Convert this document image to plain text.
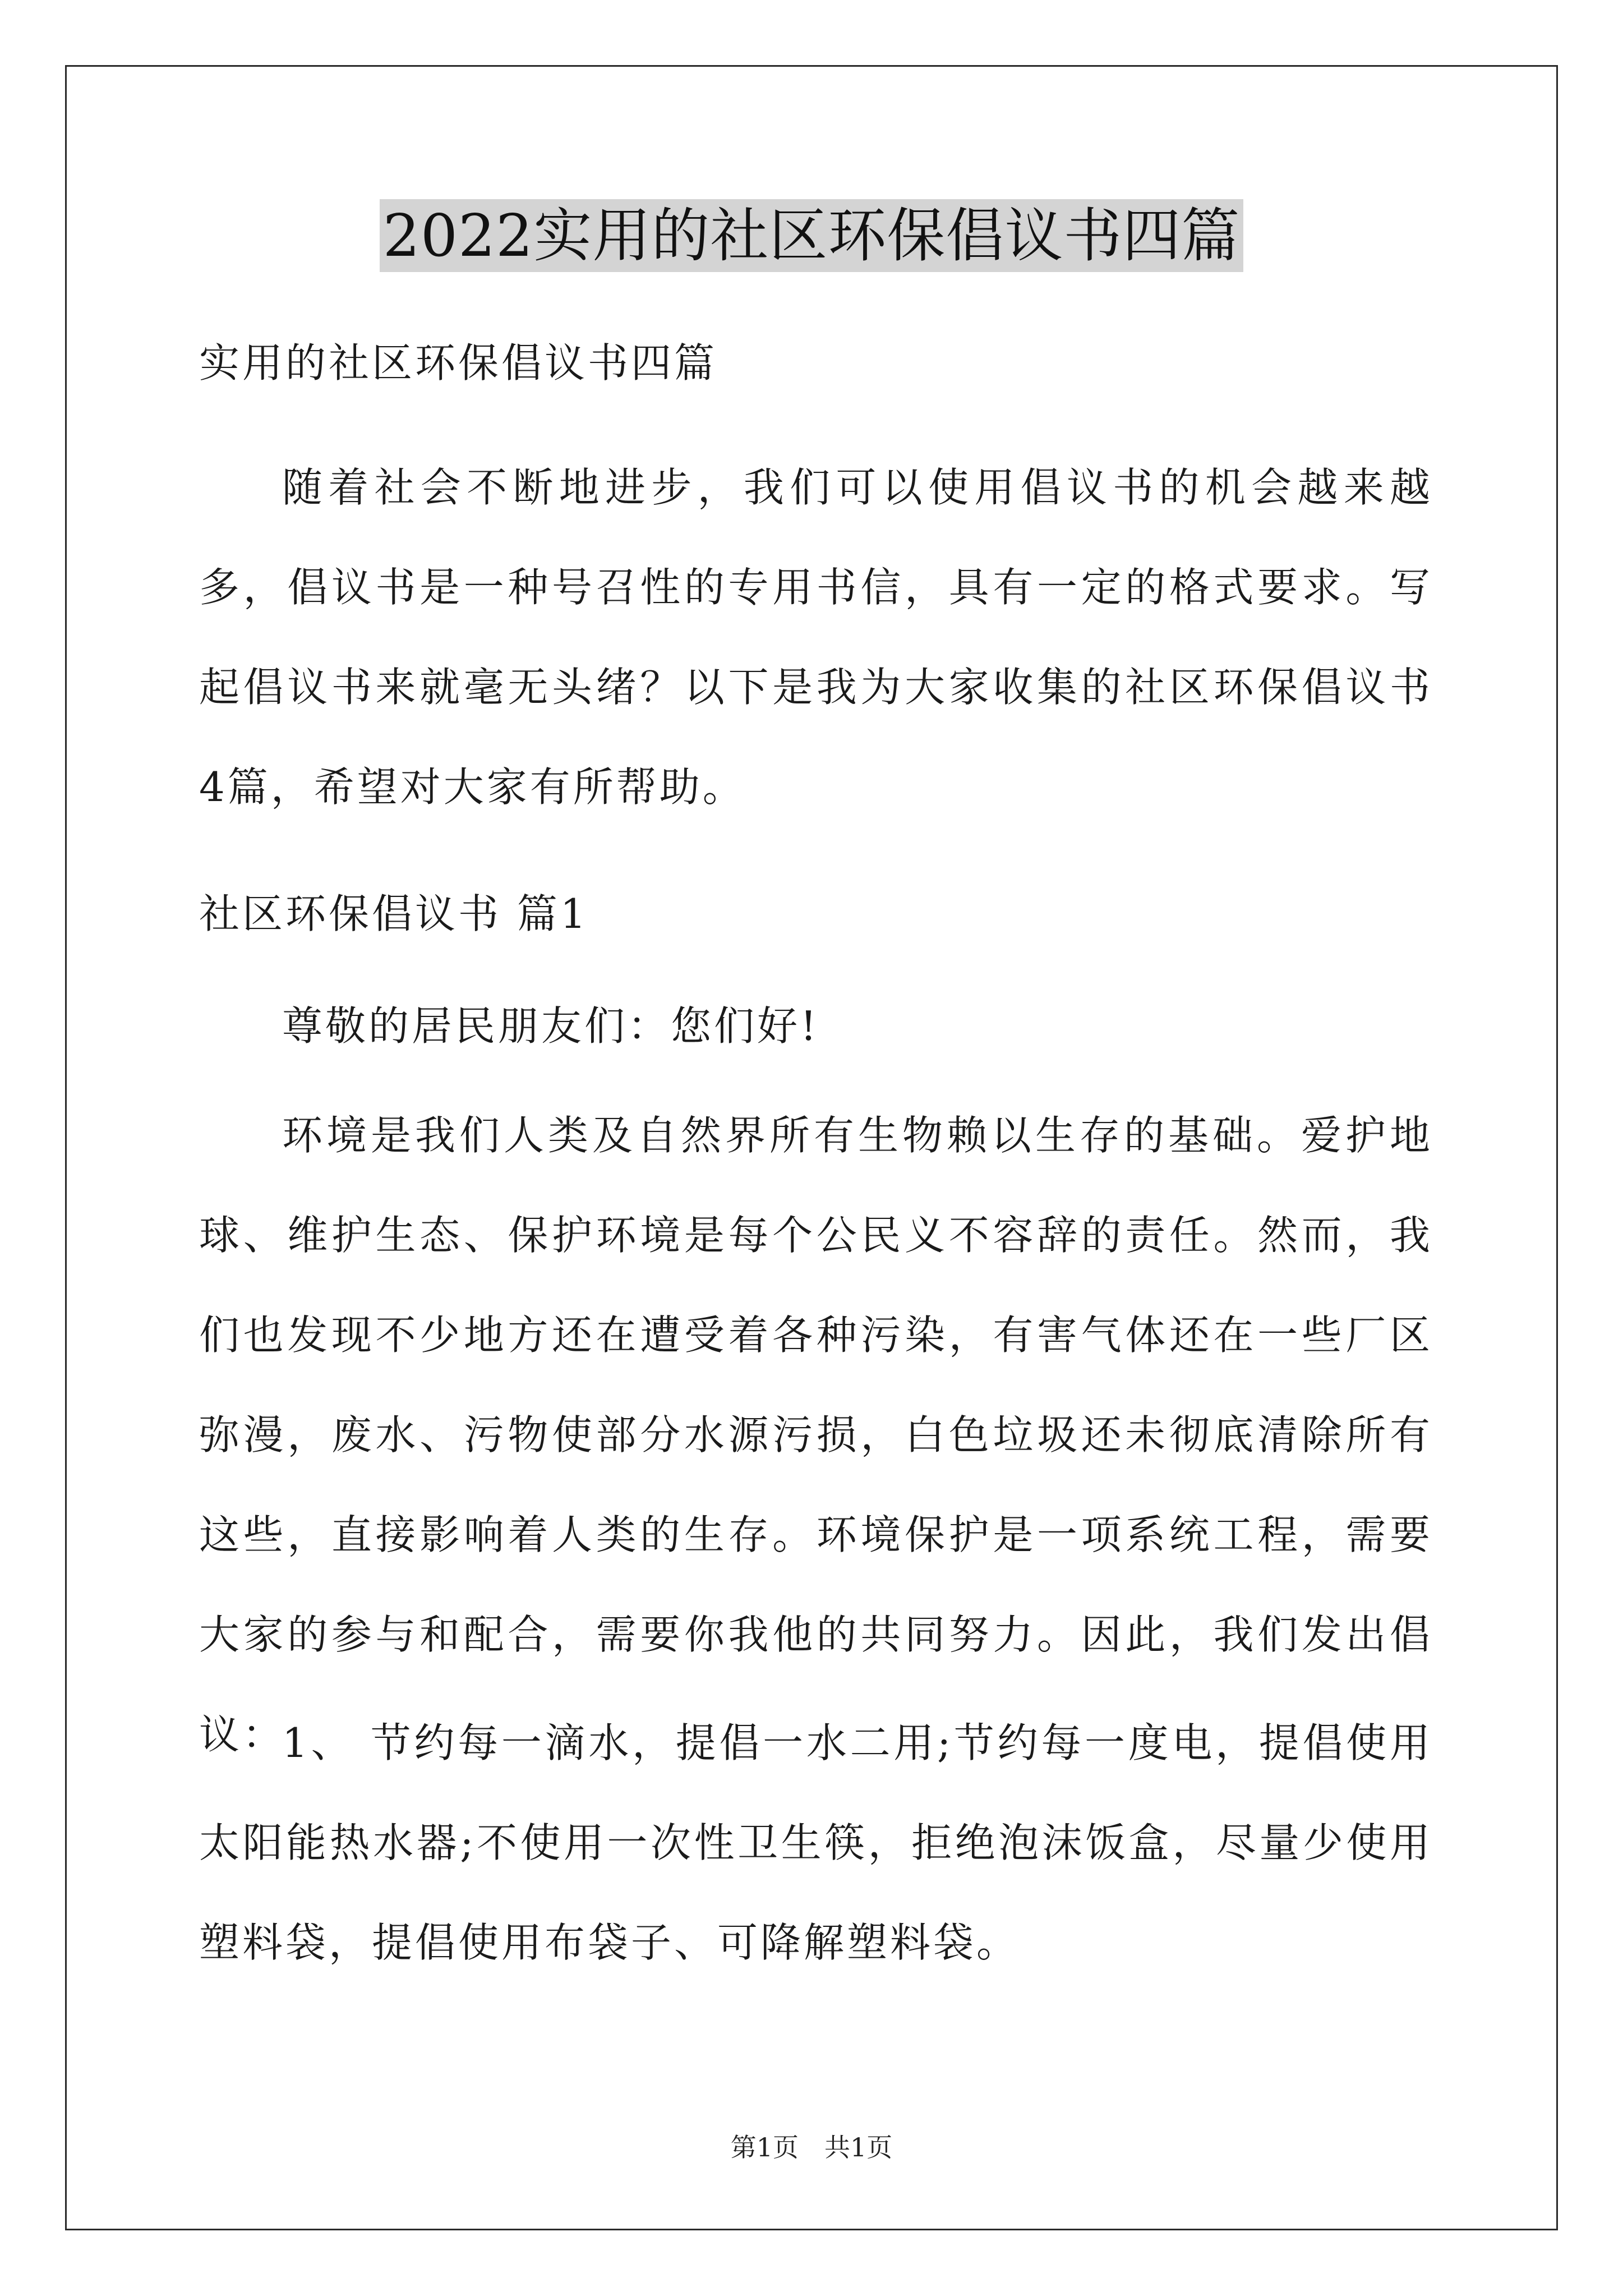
2022实用的社区环保倡议书四篇

实用的社区环保倡议书四篇

随着社会不断地进步，我们可以使用倡议书的机会越来越多，倡议书是一种号召性的专用书信，具有一定的格式要求。写起倡议书来就毫无头绪？以下是我为大家收集的社区环保倡议书4篇，希望对大家有所帮助。

社区环保倡议书 篇1

尊敬的居民朋友们：您们好!

环境是我们人类及自然界所有生物赖以生存的基础。爱护地球、维护生态、保护环境是每个公民义不容辞的责任。然而，我们也发现不少地方还在遭受着各种污染，有害气体还在一些厂区弥漫，废水、污物使部分水源污损，白色垃圾还未彻底清除所有这些，直接影响着人类的生存。环境保护是一项系统工程，需要大家的参与和配合，需要你我他的共同努力。因此，我们发出倡议：

1、 节约每一滴水，提倡一水二用;节约每一度电，提倡使用太阳能热水器;不使用一次性卫生筷，拒绝泡沫饭盒，尽量少使用塑料袋，提倡使用布袋子、可降解塑料袋。

第1页　共1页
